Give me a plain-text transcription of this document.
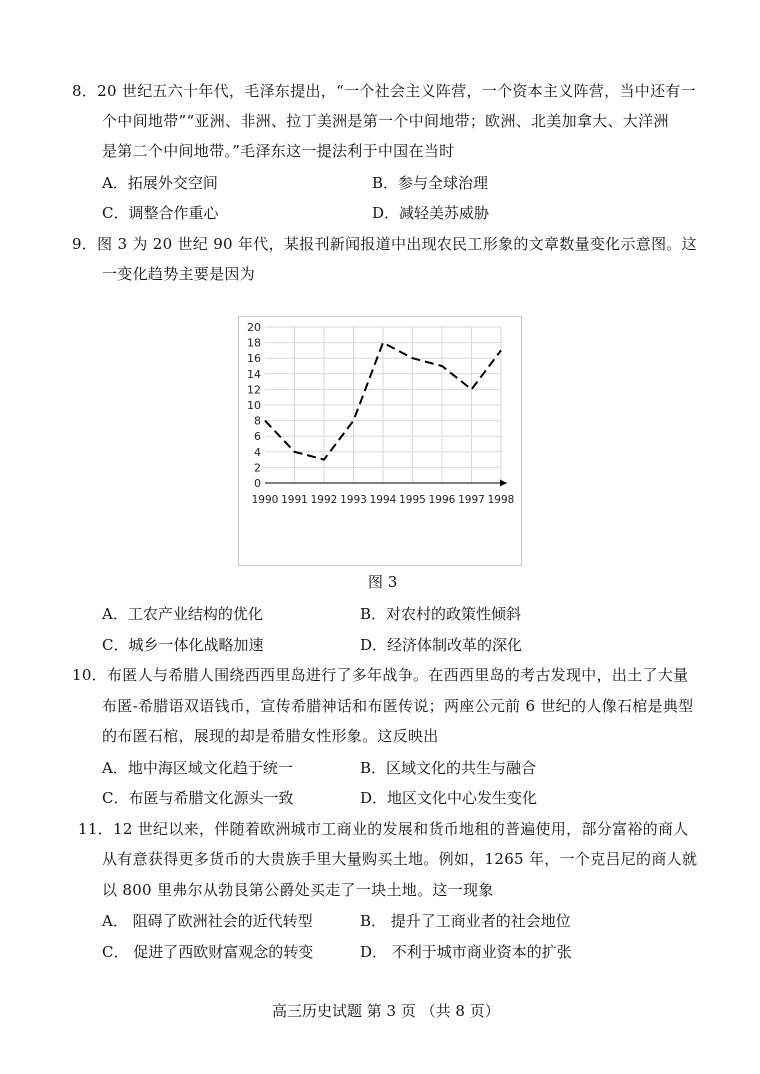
8．20 世纪五六十年代，毛泽东提出，“一个社会主义阵营，一个资本主义阵营，当中还有一
个中间地带”“亚洲、非洲、拉丁美洲是第一个中间地带；欧洲、北美加拿大、大洋洲
是第二个中间地带。”毛泽东这一提法利于中国在当时
A．拓展外交空间	B．参与全球治理
C．调整合作重心	D．减轻美苏威胁
9．图 3 为 20 世纪 90 年代，某报刊新闻报道中出现农民工形象的文章数量变化示意图。这
一变化趋势主要是因为
0
2
4
6
8
10
12
14
16
18
20
1990 1991 1992 1993 1994 1995 1996 1997 1998
图 3
A．工农产业结构的优化	B．对农村的政策性倾斜
C．城乡一体化战略加速	D．经济体制改革的深化
10．布匿人与希腊人围绕西西里岛进行了多年战争。在西西里岛的考古发现中，出土了大量
布匿-希腊语双语钱币，宣传希腊神话和布匿传说；两座公元前 6 世纪的人像石棺是典型
的布匿石棺，展现的却是希腊女性形象。这反映出
A．地中海区域文化趋于统一	B．区域文化的共生与融合
C．布匿与希腊文化源头一致	D．地区文化中心发生变化
11．12 世纪以来，伴随着欧洲城市工商业的发展和货币地租的普遍使用，部分富裕的商人
从有意获得更多货币的大贵族手里大量购买土地。例如，1265 年，一个克吕尼的商人就
以 800 里弗尔从勃艮第公爵处买走了一块土地。这一现象
A． 阻碍了欧洲社会的近代转型	B． 提升了工商业者的社会地位
C． 促进了西欧财富观念的转变	D． 不利于城市商业资本的扩张
高三历史试题 第 3 页 （共 8 页）
